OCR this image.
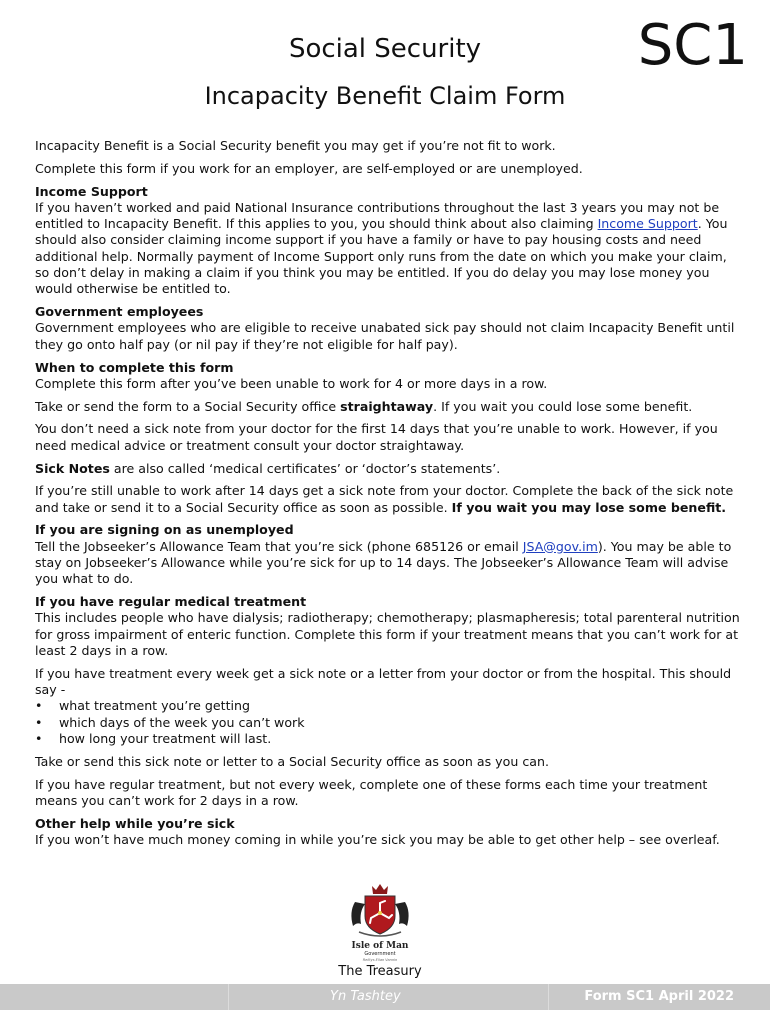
Social Security
Incapacity Benefit Claim Form
SC1

Incapacity Benefit is a Social Security benefit you may get if you’re not fit to work.

Complete this form if you work for an employer, are self-employed or are unemployed.

Income Support

If you haven’t worked and paid National Insurance contributions throughout the last 3 years you may not be entitled to Incapacity Benefit. If this applies to you, you should think about also claiming Income Support. You should also consider claiming income support if you have a family or have to pay housing costs and need additional help. Normally payment of Income Support only runs from the date on which you make your claim, so don’t delay in making a claim if you think you may be entitled. If you do delay you may lose money you would otherwise be entitled to.

Government employees

Government employees who are eligible to receive unabated sick pay should not claim Incapacity Benefit until they go onto half pay (or nil pay if they’re not eligible for half pay).

When to complete this form

Complete this form after you’ve been unable to work for 4 or more days in a row.

Take or send the form to a Social Security office straightaway. If you wait you could lose some benefit.

You don’t need a sick note from your doctor for the first 14 days that you’re unable to work. However, if you need medical advice or treatment consult your doctor straightaway.

Sick Notes are also called ‘medical certificates’ or ‘doctor’s statements’.

If you’re still unable to work after 14 days get a sick note from your doctor. Complete the back of the sick note and take or send it to a Social Security office as soon as possible. If you wait you may lose some benefit.

If you are signing on as unemployed

Tell the Jobseeker’s Allowance Team that you’re sick (phone 685126 or email JSA@gov.im). You may be able to stay on Jobseeker’s Allowance while you’re sick for up to 14 days. The Jobseeker’s Allowance Team will advise you what to do.

If you have regular medical treatment

This includes people who have dialysis; radiotherapy; chemotherapy; plasmapheresis; total parenteral nutrition for gross impairment of enteric function. Complete this form if your treatment means that you can’t work for at least 2 days in a row.

If you have treatment every week get a sick note or a letter from your doctor or from the hospital. This should say -

• what treatment you’re getting
• which days of the week you can’t work
• how long your treatment will last.

Take or send this sick note or letter to a Social Security office as soon as you can.

If you have regular treatment, but not every week, complete one of these forms each time your treatment means you can’t work for 2 days in a row.

Other help while you’re sick

If you won’t have much money coming in while you’re sick you may be able to get other help – see overleaf.

Isle of Man
Government
Reiltys Ellan Vannin
The Treasury
Yn Tashtey	Form SC1 April 2022
